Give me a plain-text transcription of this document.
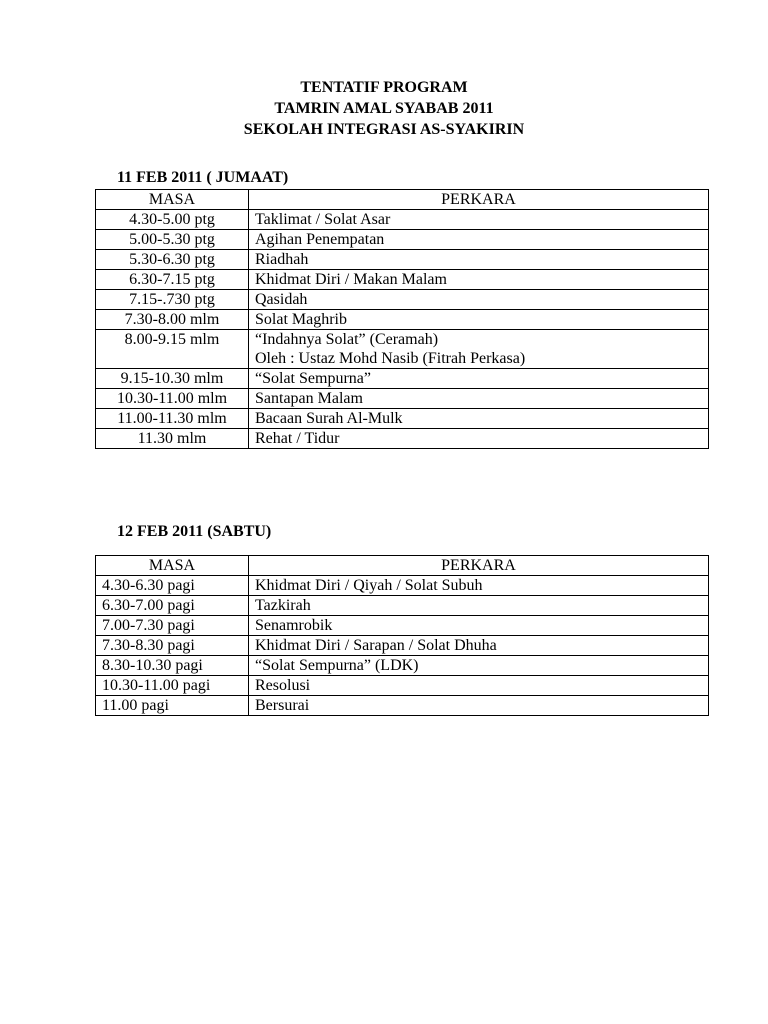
TENTATIF PROGRAM
TAMRIN AMAL SYABAB 2011
SEKOLAH INTEGRASI AS-SYAKIRIN
11 FEB 2011 ( JUMAAT)
MASA	PERKARA
4.30-5.00 ptg	Taklimat / Solat Asar

5.00-5.30 ptg	Agihan Penempatan

5.30-6.30 ptg	Riadhah

6.30-7.15 ptg	Khidmat Diri / Makan Malam

7.15-.730 ptg	Qasidah

7.30-8.00 mlm	Solat Maghrib

8.00-9.15 mlm	“Indahnya Solat” (Ceramah)
Oleh : Ustaz Mohd Nasib (Fitrah Perkasa)

9.15-10.30 mlm	“Solat Sempurna”

10.30-11.00 mlm	Santapan Malam

11.00-11.30 mlm	Bacaan Surah Al-Mulk

11.30 mlm	Rehat / Tidur
12 FEB 2011 (SABTU)
MASA	PERKARA
4.30-6.30 pagi	Khidmat Diri / Qiyah / Solat Subuh

6.30-7.00 pagi	Tazkirah

7.00-7.30 pagi	Senamrobik

7.30-8.30 pagi	Khidmat Diri / Sarapan / Solat Dhuha

8.30-10.30 pagi	“Solat Sempurna” (LDK)

10.30-11.00 pagi	Resolusi

11.00 pagi	Bersurai
